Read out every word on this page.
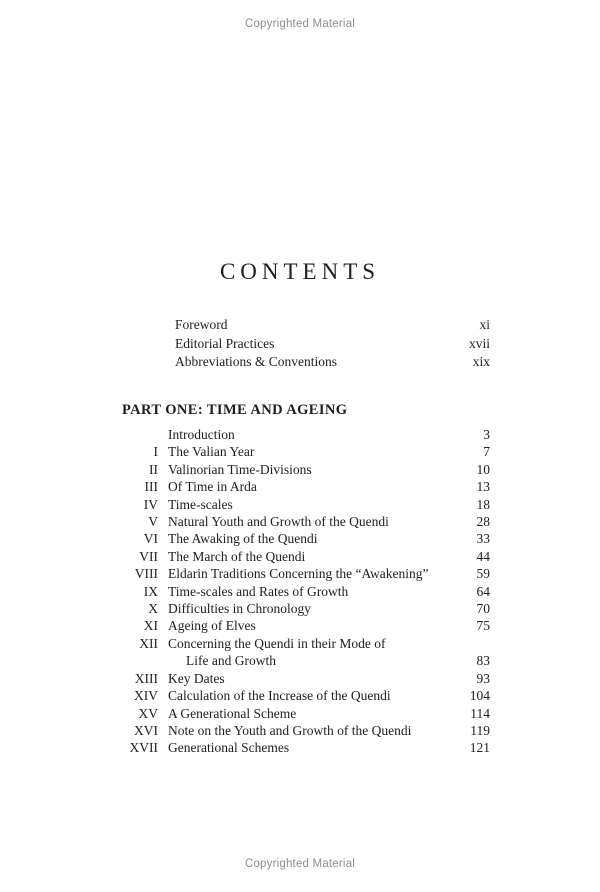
Copyrighted Material
CONTENTS
Foreword	xi
Editorial Practices	xvii
Abbreviations & Conventions	xix
PART ONE: TIME AND AGEING
Introduction	3
I The Valian Year	7
II Valinorian Time-Divisions	10
III Of Time in Arda	13
IV Time-scales	18
V Natural Youth and Growth of the Quendi	28
VI The Awaking of the Quendi	33
VII The March of the Quendi	44
VIII Eldarin Traditions Concerning the “Awakening”	59
IX Time-scales and Rates of Growth	64
X Difficulties in Chronology	70
XI Ageing of Elves	75
XII Concerning the Quendi in their Mode of
Life and Growth	83
XIII Key Dates	93
XIV Calculation of the Increase of the Quendi	104
XV A Generational Scheme	114
XVI Note on the Youth and Growth of the Quendi	119
XVII Generational Schemes	121
Copyrighted Material
